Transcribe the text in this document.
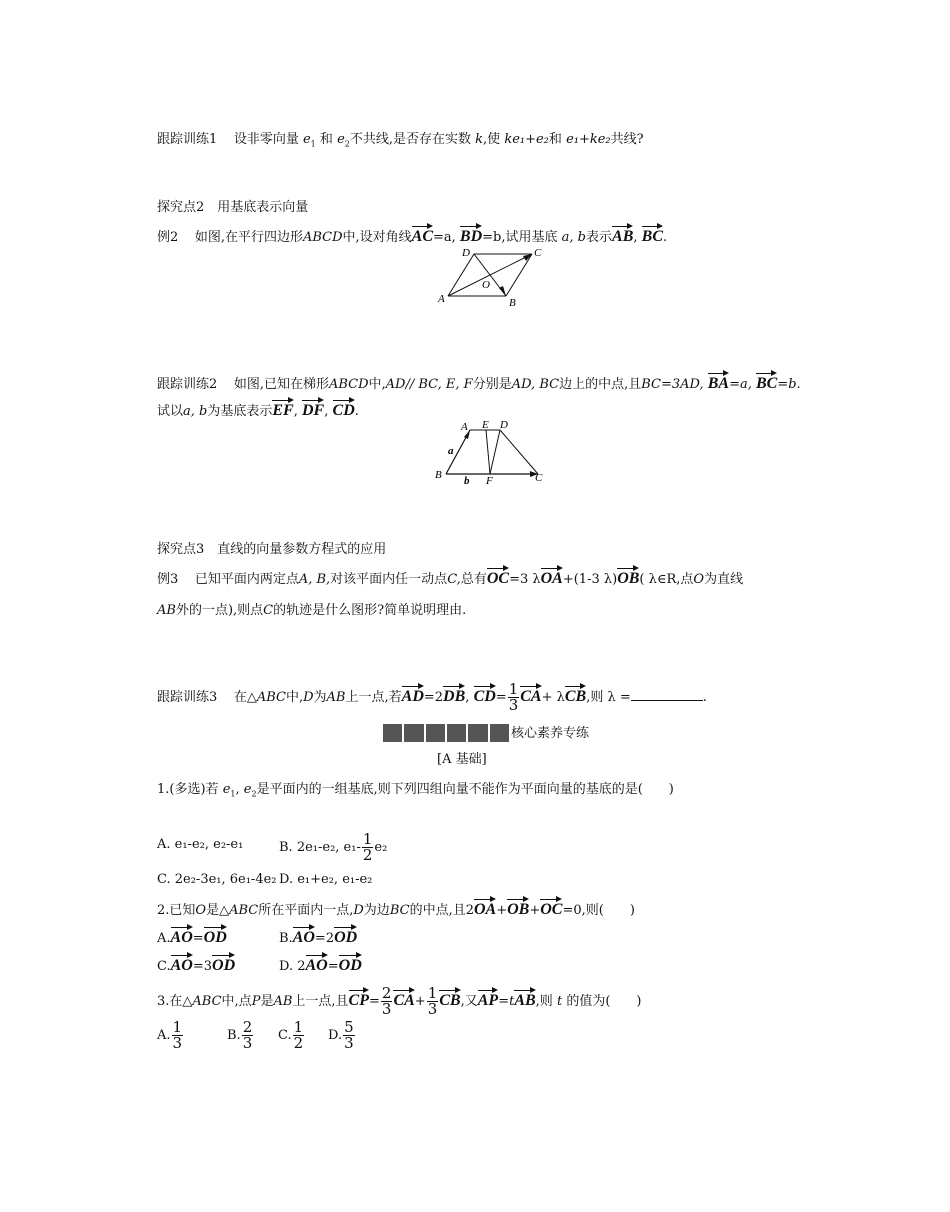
跟踪训练1 设非零向量 $e_1$ 和 $e_2$不共线,是否存在实数 k,使 ke₁+e₂和 e₁+ke₂共线?
探究点2　用基底表示向量
例2 如图,在平行四边形ABCD中,设对角线AC=a, BD=b,试用基底 a, b表示AB, BC.
A	B
C
D
O
跟踪训练2 如图,已知在梯形ABCD中,AD// BC, E, F分别是AD, BC边上的中点,且BC=3AD, BA=a, BC=b.
试以a, b为基底表示EF, DF, CD.
A E D
B	F	C
a
b
探究点3　直线的向量参数方程式的应用
例3 已知平面内两定点A, B,对该平面内任一动点C,总有OC=3 λOA+(1-3 λ)OB( λ∈R,点O为直线
AB外的一点),则点C的轨迹是什么图形?简单说明理由.
跟踪训练3 在△ABC中,D为AB上一点,若AD=2DB, $CD= \frac{1}{3} CA+ \lambda CB$,则 λ =	.
核心素养专练
[A 基础]
1.(多选)若 $e_1$, $e_2$是平面内的一组基底,则下列四组向量不能作为平面向量的基底的是(　　)
A. e₁-e₂, e₂-e₁	B. 2e₁-e₂, $e_1- \frac{1}{2} e_2$
C. 2e₂-3e₁, 6e₁-4e₂ D. e₁+e₂, e₁-e₂
2.已知O是△ABC所在平面内一点,D为边BC的中点,且2OA+OB+OC=0,则(　　)
A.AO=OD	B.AO=2OD
C.AO=3OD	D. 2AO=OD
3.在△ABC中,点P是AB上一点,且$CP= \frac{2}{3} CA+ \frac{1}{3}$ CB,又AP=tAB,则 t 的值为(　　)
A. $\frac{1}{3}$	B. $\frac{2}{3} C$. $\frac{1}{2} D$. $\frac{5}{3}$
